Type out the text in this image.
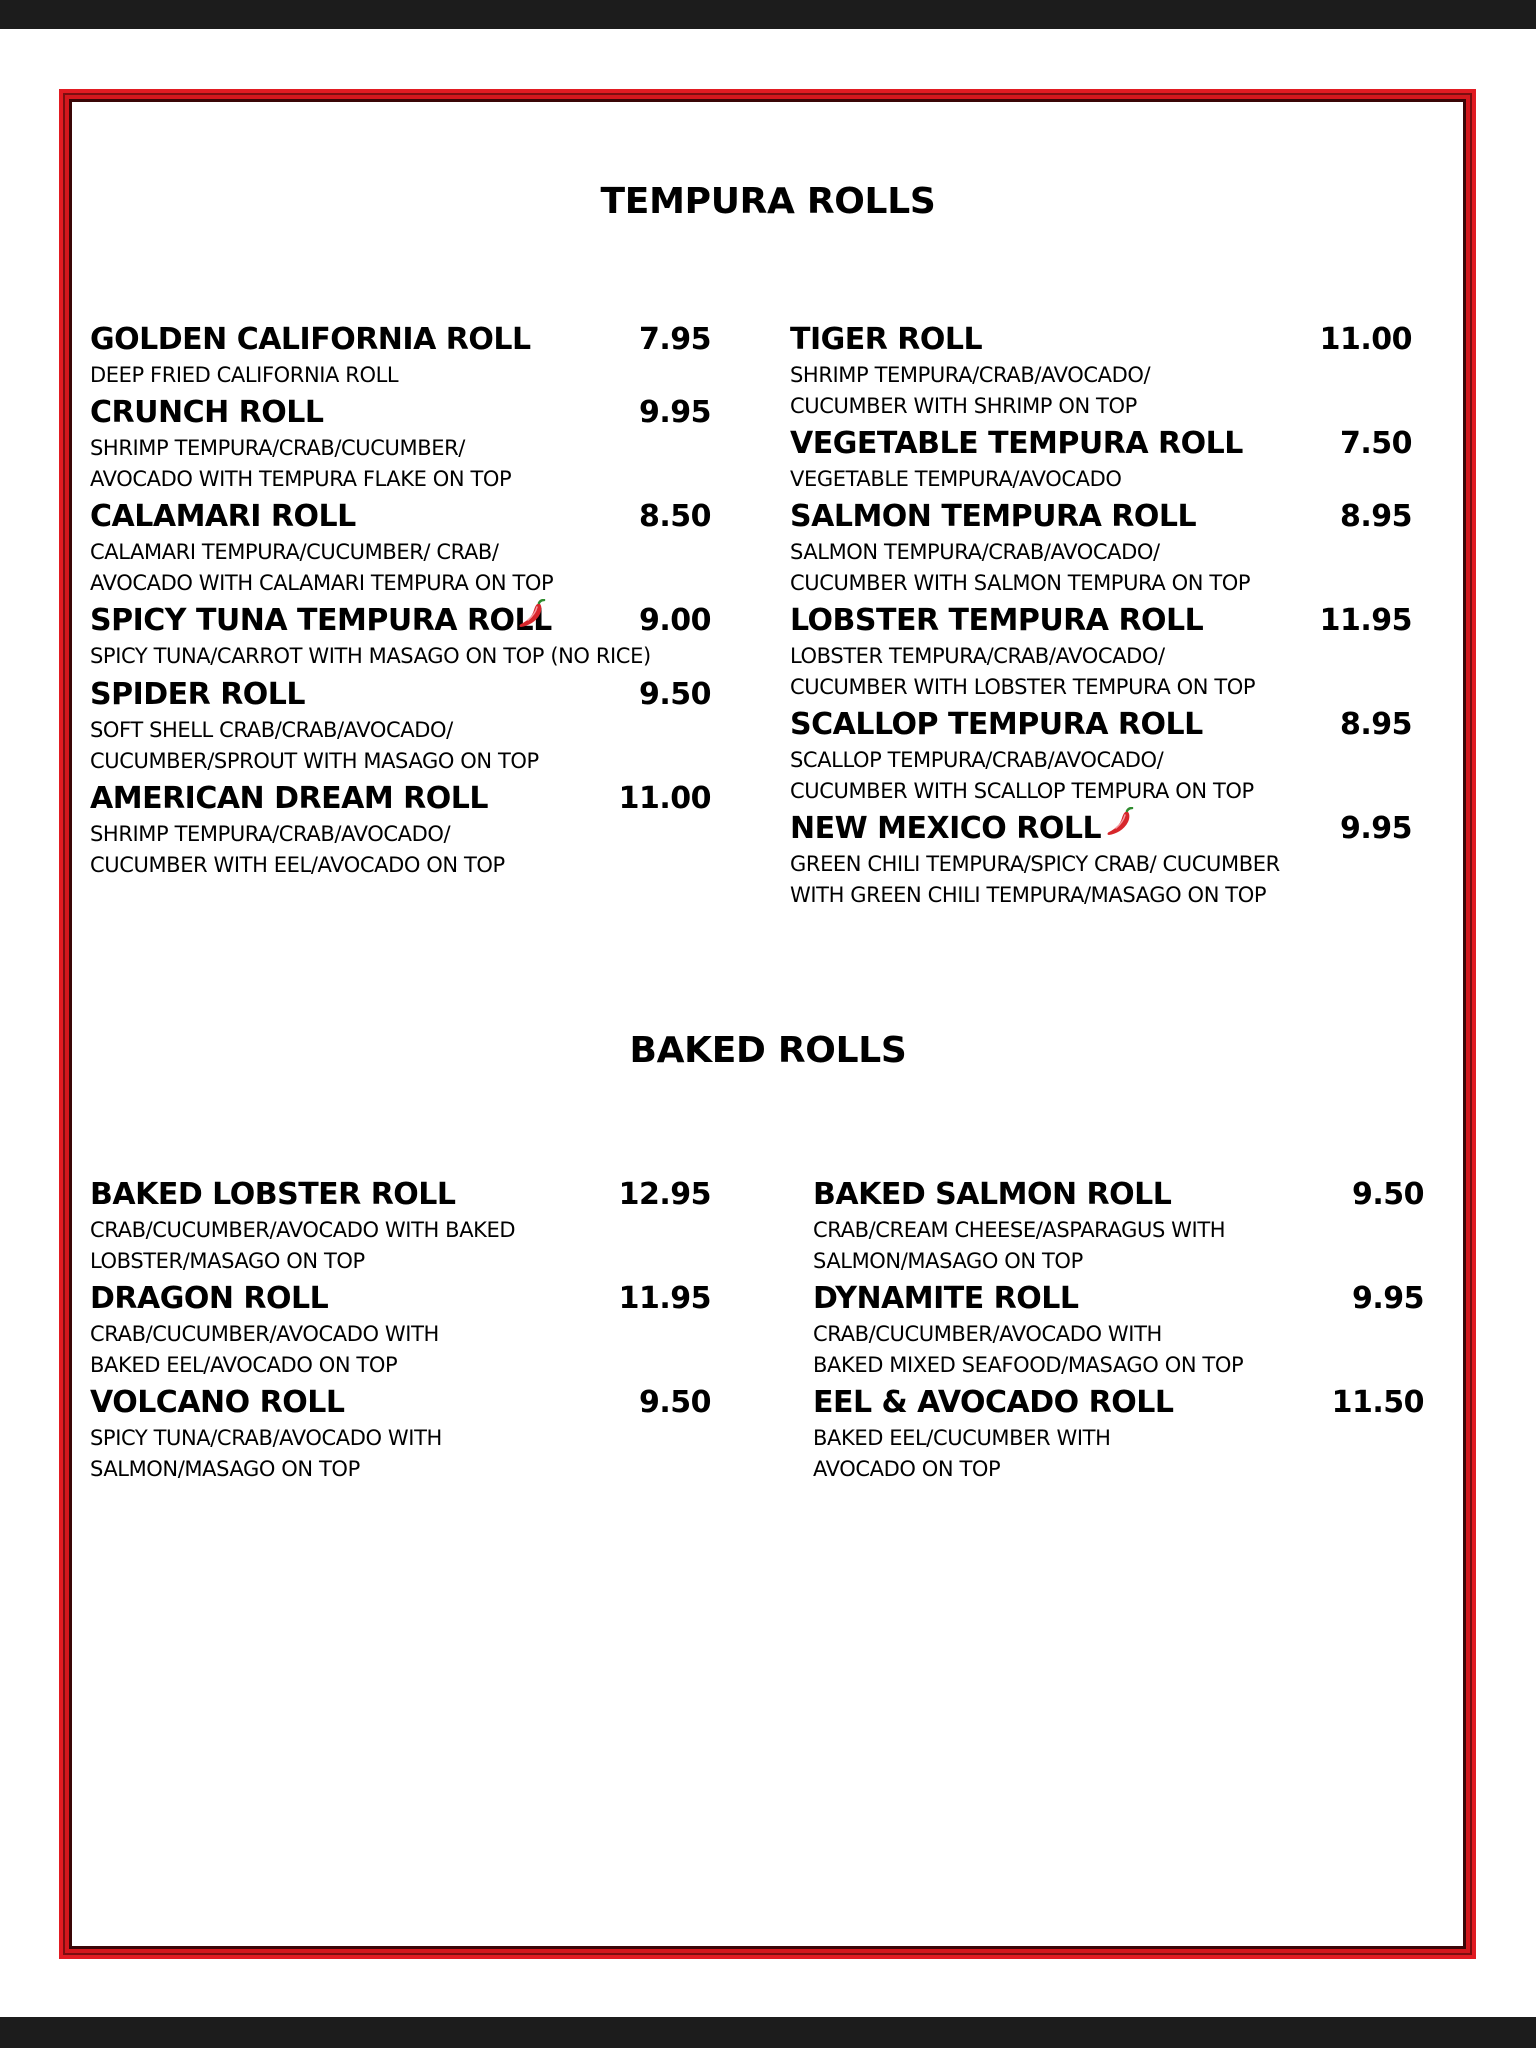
TEMPURA ROLLS
BAKED ROLLS
GOLDEN CALIFORNIA ROLL	7.95
DEEP FRIED CALIFORNIA ROLL
CRUNCH ROLL	9.95
SHRIMP TEMPURA/CRAB/CUCUMBER/
AVOCADO WITH TEMPURA FLAKE ON TOP
CALAMARI ROLL	8.50
CALAMARI TEMPURA/CUCUMBER/ CRAB/
AVOCADO WITH CALAMARI TEMPURA ON TOP
SPICY TUNA TEMPURA ROLL	9.00
SPICY TUNA/CARROT WITH MASAGO ON TOP (NO RICE)
SPIDER ROLL	9.50
SOFT SHELL CRAB/CRAB/AVOCADO/
CUCUMBER/SPROUT WITH MASAGO ON TOP
AMERICAN DREAM ROLL	11.00
SHRIMP TEMPURA/CRAB/AVOCADO/
CUCUMBER WITH EEL/AVOCADO ON TOP
TIGER ROLL	11.00
SHRIMP TEMPURA/CRAB/AVOCADO/
CUCUMBER WITH SHRIMP ON TOP
VEGETABLE TEMPURA ROLL	7.50
VEGETABLE TEMPURA/AVOCADO
SALMON TEMPURA ROLL	8.95
SALMON TEMPURA/CRAB/AVOCADO/
CUCUMBER WITH SALMON TEMPURA ON TOP
LOBSTER TEMPURA ROLL	11.95
LOBSTER TEMPURA/CRAB/AVOCADO/
CUCUMBER WITH LOBSTER TEMPURA ON TOP
SCALLOP TEMPURA ROLL	8.95
SCALLOP TEMPURA/CRAB/AVOCADO/
CUCUMBER WITH SCALLOP TEMPURA ON TOP
NEW MEXICO ROLL	9.95
GREEN CHILI TEMPURA/SPICY CRAB/ CUCUMBER
WITH GREEN CHILI TEMPURA/MASAGO ON TOP
BAKED LOBSTER ROLL	12.95
CRAB/CUCUMBER/AVOCADO WITH BAKED
LOBSTER/MASAGO ON TOP
DRAGON ROLL	11.95
CRAB/CUCUMBER/AVOCADO WITH
BAKED EEL/AVOCADO ON TOP
VOLCANO ROLL	9.50
SPICY TUNA/CRAB/AVOCADO WITH
SALMON/MASAGO ON TOP
BAKED SALMON ROLL	9.50
CRAB/CREAM CHEESE/ASPARAGUS WITH
SALMON/MASAGO ON TOP
DYNAMITE ROLL	9.95
CRAB/CUCUMBER/AVOCADO WITH
BAKED MIXED SEAFOOD/MASAGO ON TOP
EEL & AVOCADO ROLL	11.50
BAKED EEL/CUCUMBER WITH
AVOCADO ON TOP
